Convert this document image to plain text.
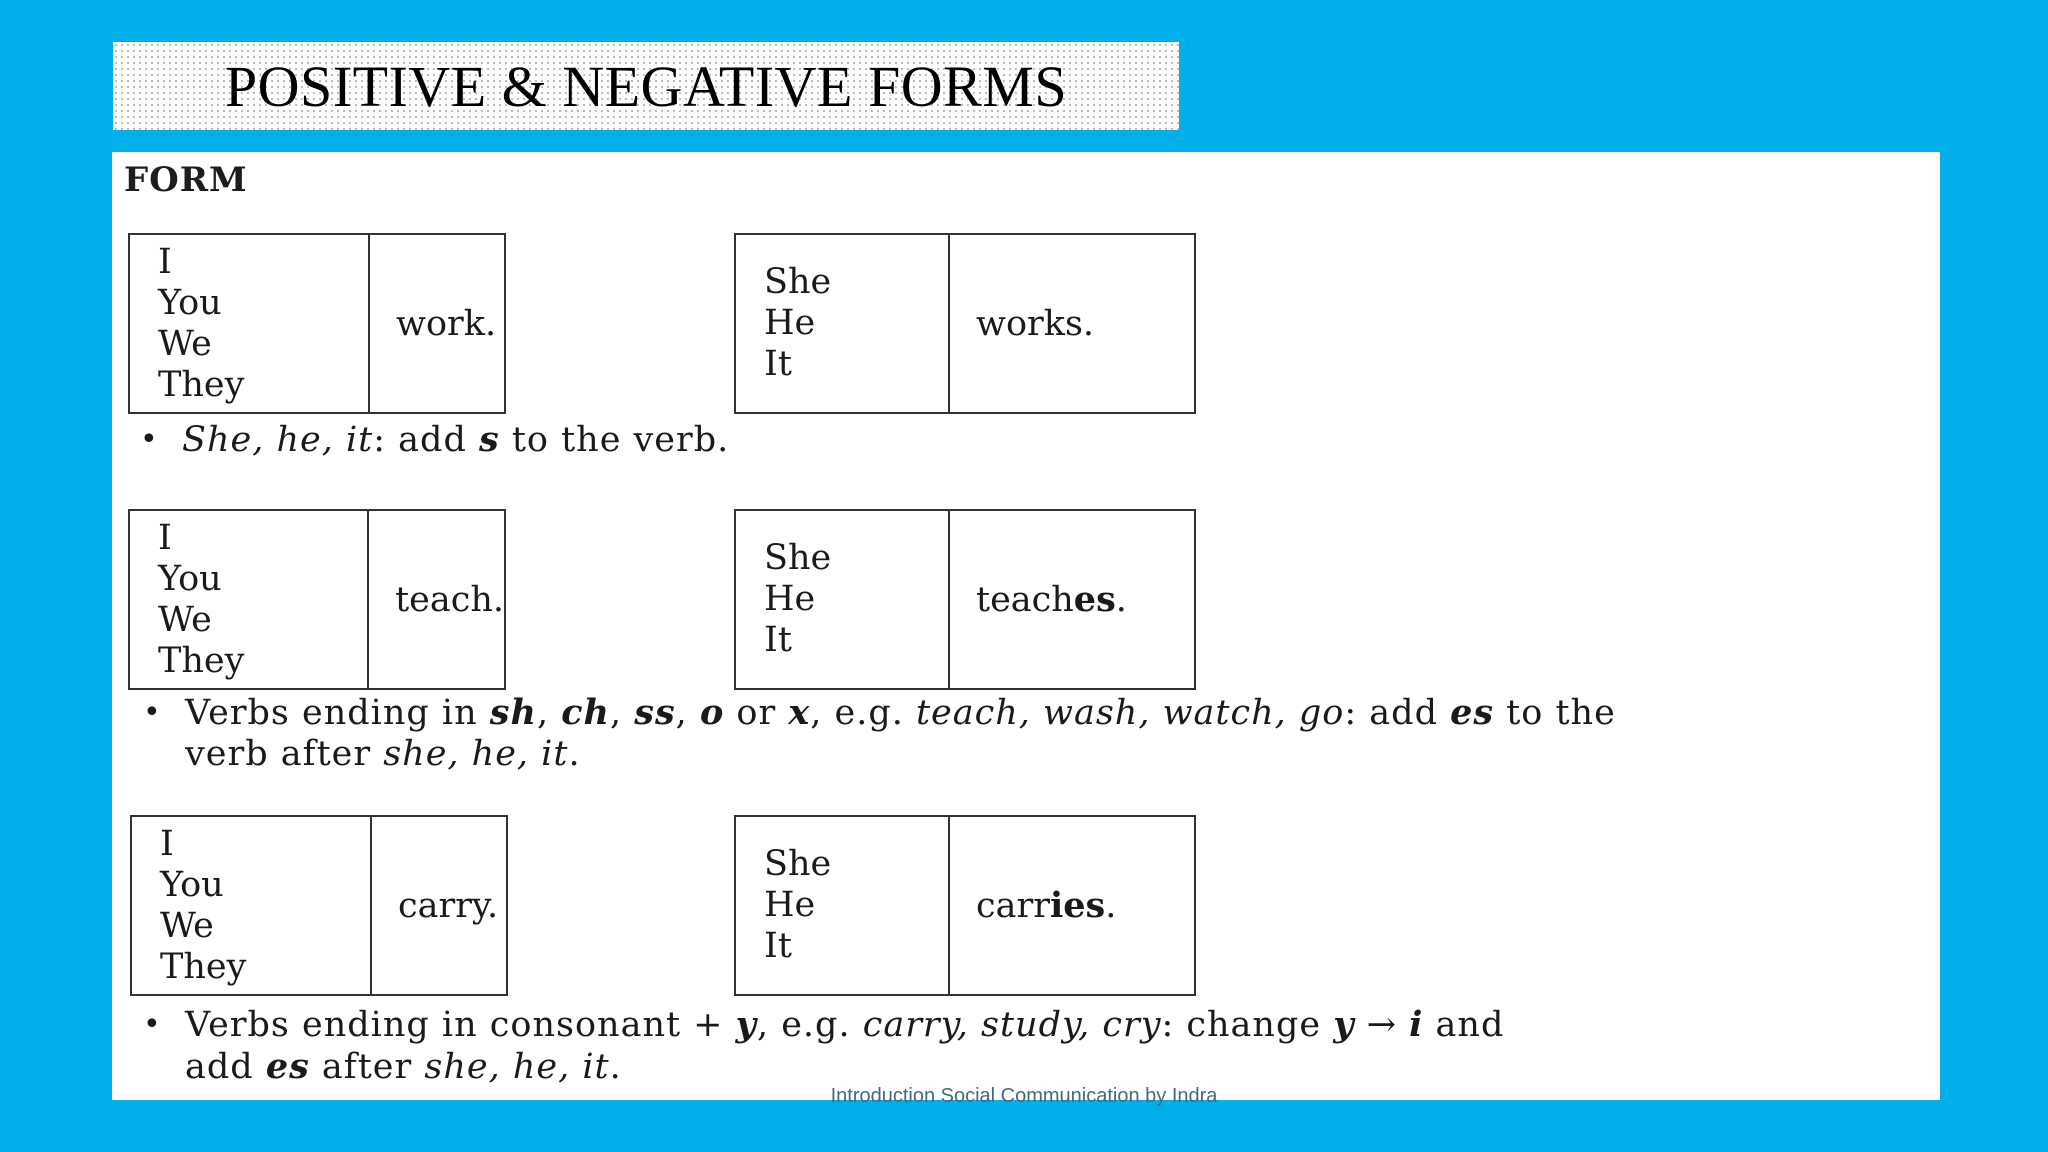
POSITIVE & NEGATIVE FORMS
FORM
I
You
We
They
work.
She
He
It
works.
• She, he, it: add s to the verb.
I
You
We
They
teach.
She
He
It
teach es .
• Verbs ending in sh, ch, ss, o or x, e.g. teach, wash, watch, go: add es to the
verb after she, he, it.
I
You
We
They
carry.
She
He
It
carr ies .
• Verbs ending in consonant + y, e.g. carry, study, cry: change y → i and
add es after she, he, it.
Introduction Social Communication by Indra
